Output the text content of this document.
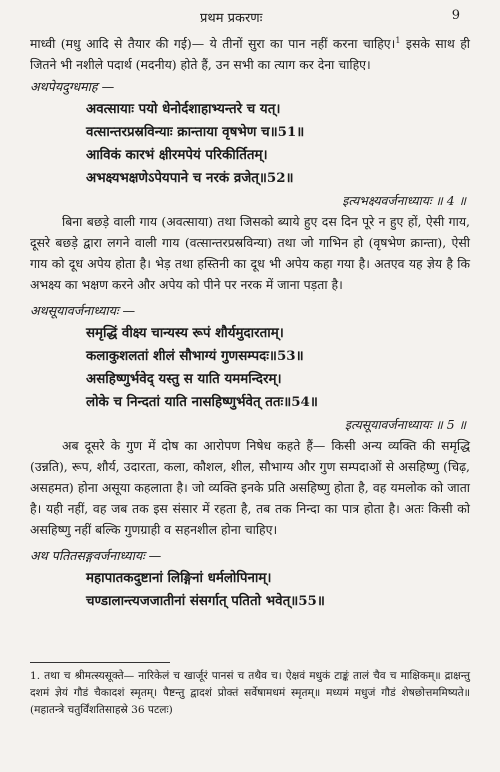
प्रथम प्रकरणः	9

माध्वी (मधु आदि से तैयार की गई)— ये तीनों सुरा का पान नहीं करना चाहिए।$^1$ इसके साथ ही जितने भी नशीले पदार्थ (मदनीय) होते हैं, उन सभी का त्याग कर देना चाहिए।

अथपेयदुग्धमाह —

अवत्सायाः पयो धेनोर्दशाहाभ्यन्तरे च यत्।
वत्सान्तरप्रस्रविन्याः क्रान्ताया वृषभेण च॥51॥
आविकं कारभं क्षीरमपेयं परिकीर्तितम्।
अभक्ष्यभक्षणेऽपेयपाने च नरकं व्रजेत्॥52॥
इत्यभक्ष्यवर्जनाध्यायः ॥ 4 ॥

बिना बछड़े वाली गाय (अवत्साया) तथा जिसको ब्याये हुए दस दिन पूरे न हुए हों, ऐसी गाय, दूसरे बछड़े द्वारा लगने वाली गाय (वत्सान्तरप्रस्रविन्या) तथा जो गाभिन हो (वृषभेण क्रान्ता), ऐसी गाय को दूध अपेय होता है। भेड़ तथा हस्तिनी का दूध भी अपेय कहा गया है। अतएव यह ज्ञेय है कि अभक्ष्य का भक्षण करने और अपेय को पीने पर नरक में जाना पड़ता है।

अथसूयावर्जनाध्यायः —

समृद्धिं वीक्ष्य चान्यस्य रूपं शौर्यमुदारताम्।
कलाकुशलतां शीलं सौभाग्यं गुणसम्पदः॥53॥
असहिष्णुर्भवेद् यस्तु स याति यममन्दिरम्।
लोके च निन्दतां याति नासहिष्णुर्भवेत् ततः॥54॥
इत्यसूयावर्जनाध्यायः ॥ 5 ॥

अब दूसरे के गुण में दोष का आरोपण निषेध कहते हैं— किसी अन्य व्यक्ति की समृद्धि (उन्नति), रूप, शौर्य, उदारता, कला, कौशल, शील, सौभाग्य और गुण सम्पदाओं से असहिष्णु (चिढ़, असहमत) होना असूया कहलाता है। जो व्यक्ति इनके प्रति असहिष्णु होता है, वह यमलोक को जाता है। यही नहीं, वह जब तक इस संसार में रहता है, तब तक निन्दा का पात्र होता है। अतः किसी को असहिष्णु नहीं बल्कि गुणग्राही व सहनशील होना चाहिए।

अथ पतितसङ्गवर्जनाध्यायः —

महापातकदुष्टानां लिङ्गिनां धर्मलोपिनाम्।
चण्डालान्त्यजजातीनां संसर्गात् पतितो भवेत्॥55॥

1. तथा च श्रीमत्स्यसूक्ते— नारिकेलं च खार्जूरं पानसं च तथैव च। ऐक्षवं मधुकं टाङ्कं तालं चैव च माक्षिकम्॥ द्राक्षन्तु दशमं ज्ञेयं गौडं चैकादशं स्मृतम्। पैष्टन्तु द्वादशं प्रोक्तं सर्वेषामधमं स्मृतम्॥ मध्यमं मधुजं गौडं शेषछोत्तममिष्यते॥ (महातन्त्रे चतुर्विंशतिसाहस्रे 36 पटलः)
